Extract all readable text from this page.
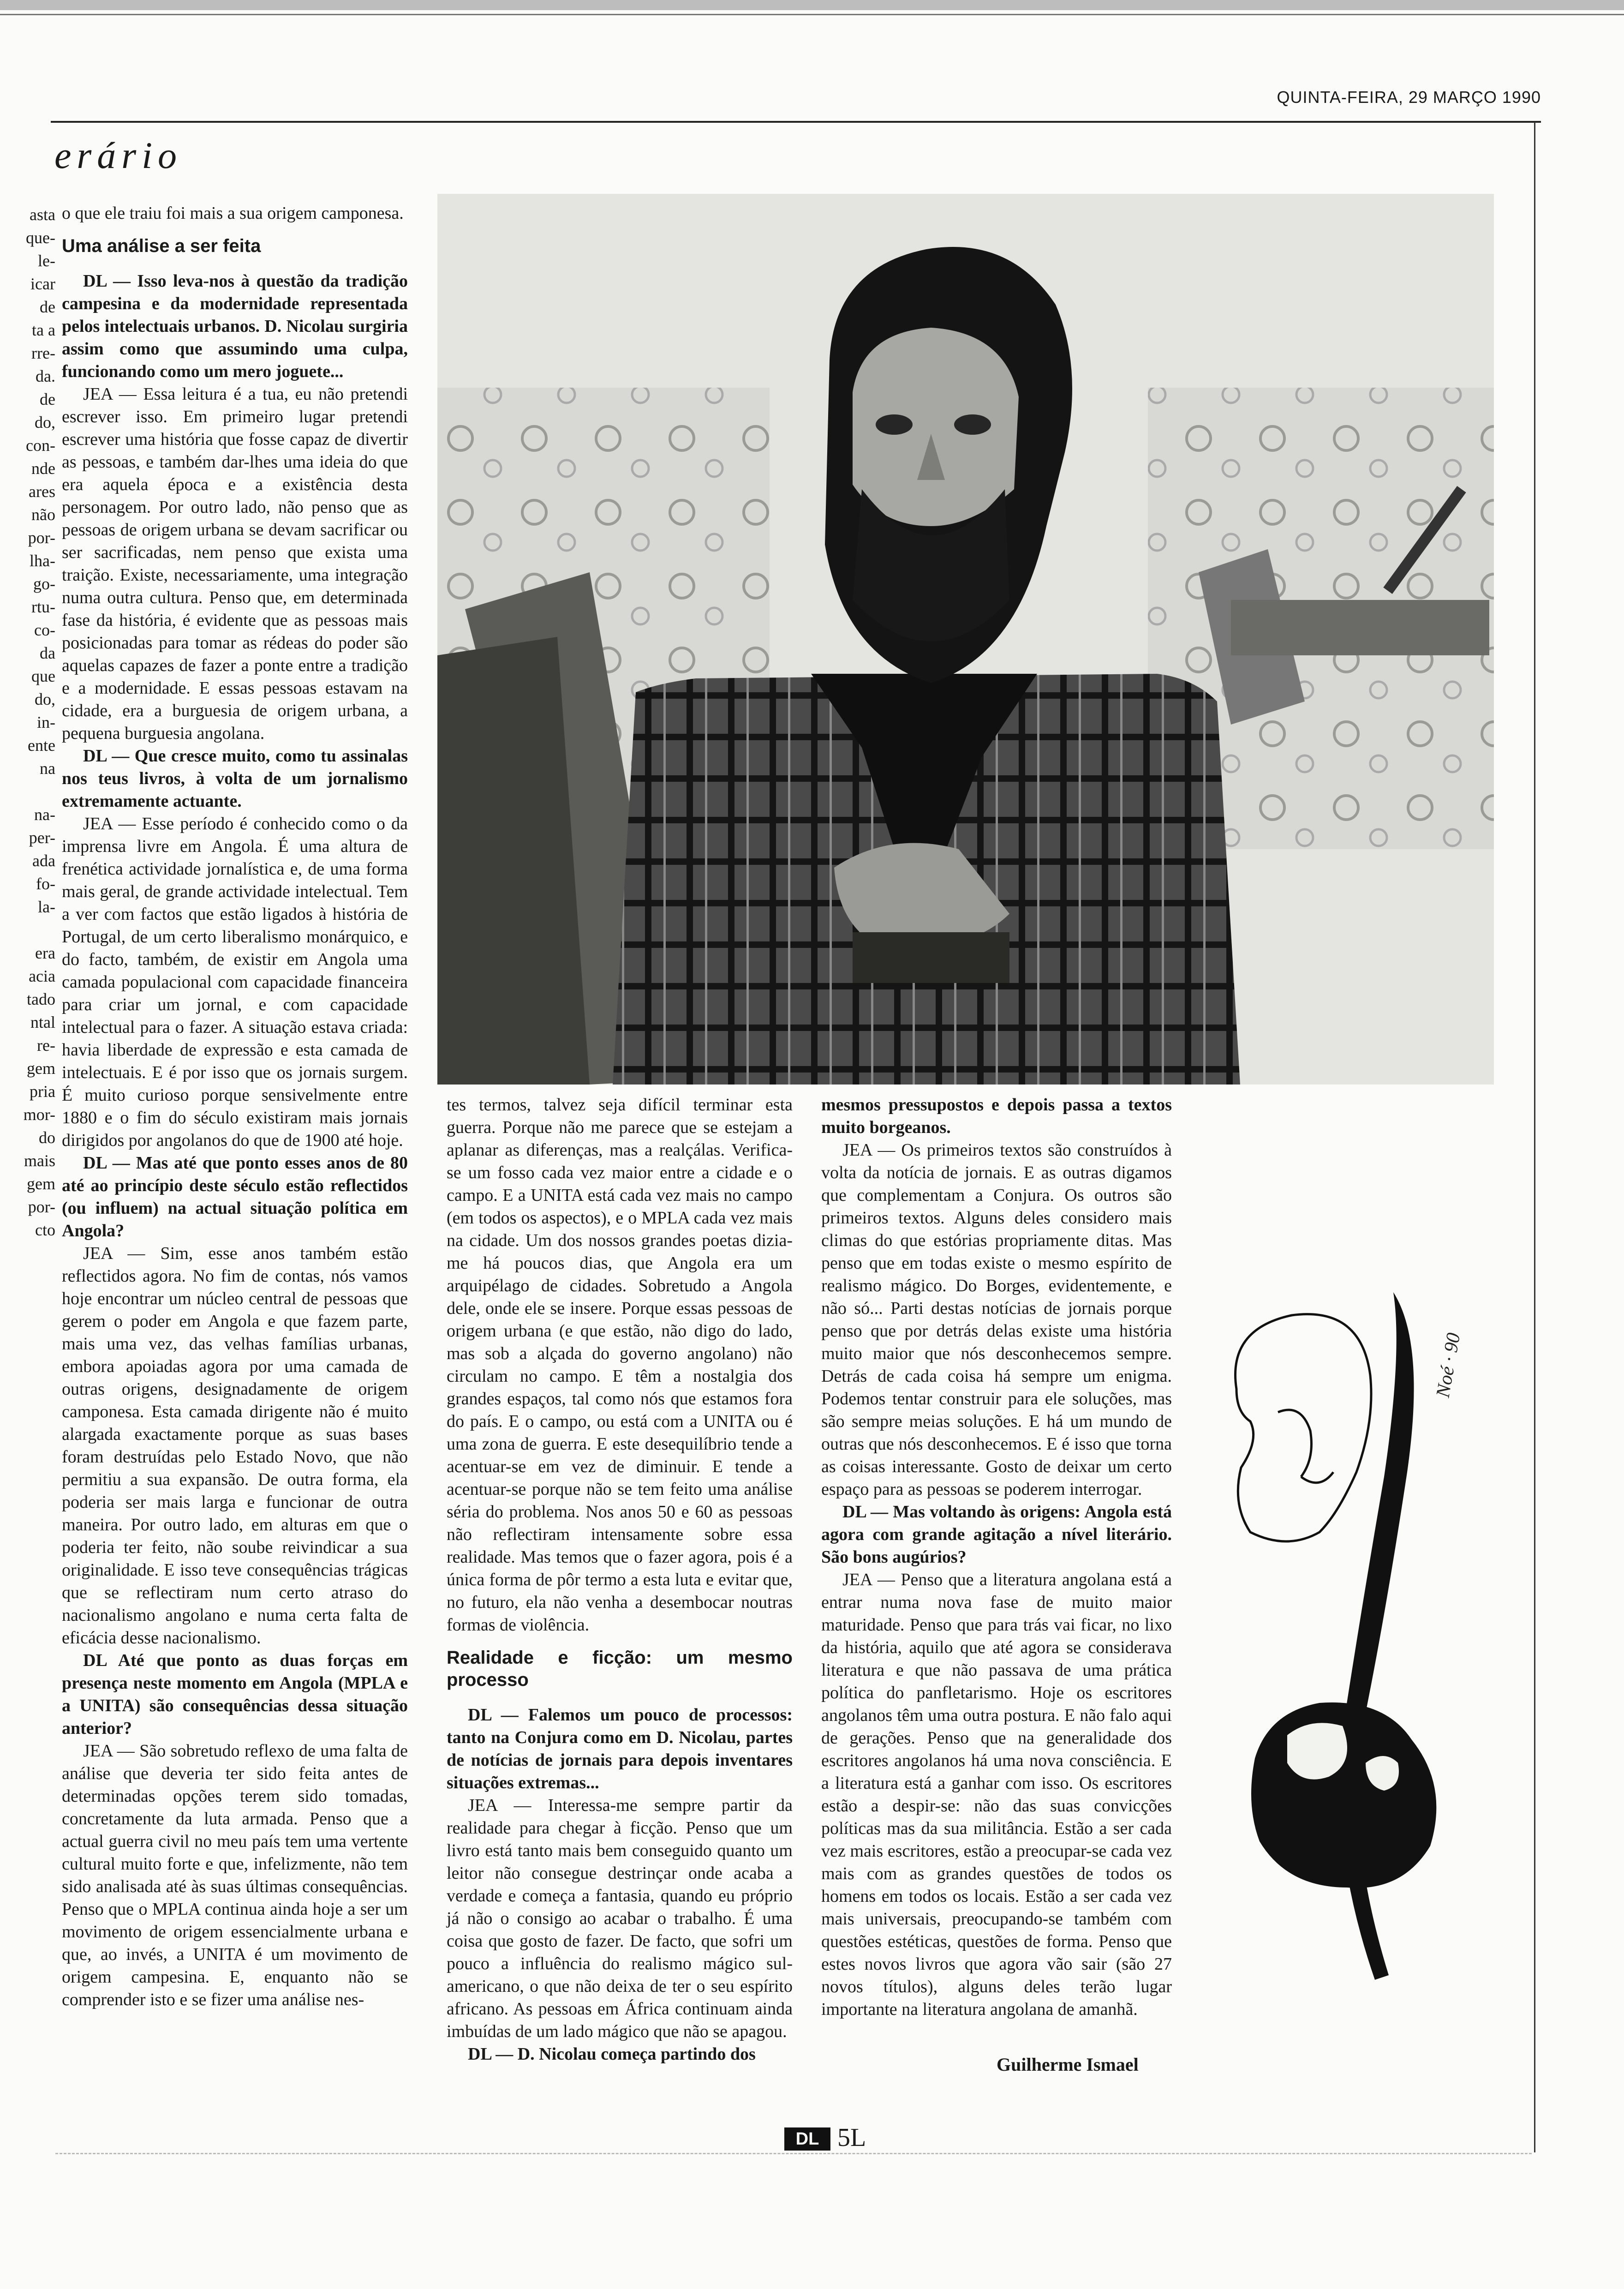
QUINTA-FEIRA, 29 MARÇO 1990
erário
asta
que-
le-
icar
de
ta a
rre-
da.
de
do,
con-
nde
ares
não
por-
lha-
go-
rtu-
co-
da
que
do,
in-
ente
na

na-
per-
ada
fo-
la-

era
acia
tado
ntal
re-
gem
pria
mor-
do
mais
gem
por-
cto

o que ele traiu foi mais a sua origem camponesa.

Uma análise a ser feita

DL — Isso leva-nos à questão da tradição campesina e da modernidade representada pelos intelectuais urbanos. D. Nicolau surgiria assim como que assumindo uma culpa, funcionando como um mero joguete...

JEA — Essa leitura é a tua, eu não pretendi escrever isso. Em primeiro lugar pretendi escrever uma história que fosse capaz de divertir as pessoas, e também dar-lhes uma ideia do que era aquela época e a existência desta personagem. Por outro lado, não penso que as pessoas de origem urbana se devam sacrificar ou ser sacrificadas, nem penso que exista uma traição. Existe, necessariamente, uma integração numa outra cultura. Penso que, em determinada fase da história, é evidente que as pessoas mais posicionadas para tomar as rédeas do poder são aquelas capazes de fazer a ponte entre a tradição e a modernidade. E essas pessoas estavam na cidade, era a burguesia de origem urbana, a pequena burguesia angolana.

DL — Que cresce muito, como tu assinalas nos teus livros, à volta de um jornalismo extremamente actuante.

JEA — Esse período é conhecido como o da imprensa livre em Angola. É uma altura de frenética actividade jornalística e, de uma forma mais geral, de grande actividade intelectual. Tem a ver com factos que estão ligados à história de Portugal, de um certo liberalismo monárquico, e do facto, também, de existir em Angola uma camada populacional com capacidade financeira para criar um jornal, e com capacidade intelectual para o fazer. A situação estava criada: havia liberdade de expressão e esta camada de intelectuais. E é por isso que os jornais surgem. É muito curioso porque sensivelmente entre 1880 e o fim do século existiram mais jornais dirigidos por angolanos do que de 1900 até hoje.

DL — Mas até que ponto esses anos de 80 até ao princípio deste século estão reflectidos (ou influem) na actual situação política em Angola?

JEA — Sim, esse anos também estão reflectidos agora. No fim de contas, nós vamos hoje encontrar um núcleo central de pessoas que gerem o poder em Angola e que fazem parte, mais uma vez, das velhas famílias urbanas, embora apoiadas agora por uma camada de outras origens, designadamente de origem camponesa. Esta camada dirigente não é muito alargada exactamente porque as suas bases foram destruídas pelo Estado Novo, que não permitiu a sua expansão. De outra forma, ela poderia ser mais larga e funcionar de outra maneira. Por outro lado, em alturas em que o poderia ter feito, não soube reivindicar a sua originalidade. E isso teve consequências trágicas que se reflectiram num certo atraso do nacionalismo angolano e numa certa falta de eficácia desse nacionalismo.

DL Até que ponto as duas forças em presença neste momento em Angola (MPLA e a UNITA) são consequências dessa situação anterior?

JEA — São sobretudo reflexo de uma falta de análise que deveria ter sido feita antes de determinadas opções terem sido tomadas, concretamente da luta armada. Penso que a actual guerra civil no meu país tem uma vertente cultural muito forte e que, infelizmente, não tem sido analisada até às suas últimas consequências. Penso que o MPLA continua ainda hoje a ser um movimento de origem essencialmente urbana e que, ao invés, a UNITA é um movimento de origem campesina. E, enquanto não se comprender isto e se fizer uma análise nes-

tes termos, talvez seja difícil terminar esta guerra. Porque não me parece que se estejam a aplanar as diferenças, mas a realçálas. Verifica-se um fosso cada vez maior entre a cidade e o campo. E a UNITA está cada vez mais no campo (em todos os aspectos), e o MPLA cada vez mais na cidade. Um dos nossos grandes poetas dizia-me há poucos dias, que Angola era um arquipélago de cidades. Sobretudo a Angola dele, onde ele se insere. Porque essas pessoas de origem urbana (e que estão, não digo do lado, mas sob a alçada do governo angolano) não circulam no campo. E têm a nostalgia dos grandes espaços, tal como nós que estamos fora do país. E o campo, ou está com a UNITA ou é uma zona de guerra. E este desequilíbrio tende a acentuar-se em vez de diminuir. E tende a acentuar-se porque não se tem feito uma análise séria do problema. Nos anos 50 e 60 as pessoas não reflectiram intensamente sobre essa realidade. Mas temos que o fazer agora, pois é a única forma de pôr termo a esta luta e evitar que, no futuro, ela não venha a desembocar noutras formas de violência.

Realidade e ficção: um mesmo processo

DL — Falemos um pouco de processos: tanto na Conjura como em D. Nicolau, partes de notícias de jornais para depois inventares situações extremas...

JEA — Interessa-me sempre partir da realidade para chegar à ficção. Penso que um livro está tanto mais bem conseguido quanto um leitor não consegue destrinçar onde acaba a verdade e começa a fantasia, quando eu próprio já não o consigo ao acabar o trabalho. É uma coisa que gosto de fazer. De facto, que sofri um pouco a influência do realismo mágico sul-americano, o que não deixa de ter o seu espírito africano. As pessoas em África continuam ainda imbuídas de um lado mágico que não se apagou.

DL — D. Nicolau começa partindo dos

mesmos pressupostos e depois passa a textos muito borgeanos.

JEA — Os primeiros textos são construídos à volta da notícia de jornais. E as outras digamos que complementam a Conjura. Os outros são primeiros textos. Alguns deles considero mais climas do que estórias propriamente ditas. Mas penso que em todas existe o mesmo espírito de realismo mágico. Do Borges, evidentemente, e não só... Parti destas notícias de jornais porque penso que por detrás delas existe uma história muito maior que nós desconhecemos sempre. Detrás de cada coisa há sempre um enigma. Podemos tentar construir para ele soluções, mas são sempre meias soluções. E há um mundo de outras que nós desconhecemos. E é isso que torna as coisas interessante. Gosto de deixar um certo espaço para as pessoas se poderem interrogar.

DL — Mas voltando às origens: Angola está agora com grande agitação a nível literário. São bons augúrios?

JEA — Penso que a literatura angolana está a entrar numa nova fase de muito maior maturidade. Penso que para trás vai ficar, no lixo da história, aquilo que até agora se considerava literatura e que não passava de uma prática política do panfletarismo. Hoje os escritores angolanos têm uma outra postura. E não falo aqui de gerações. Penso que na generalidade dos escritores angolanos há uma nova consciência. E a literatura está a ganhar com isso. Os escritores estão a despir-se: não das suas convicções políticas mas da sua militância. Estão a ser cada vez mais escritores, estão a preocupar-se cada vez mais com as grandes questões de todos os homens em todos os locais. Estão a ser cada vez mais universais, preocupando-se também com questões estéticas, questões de forma. Penso que estes novos livros que agora vão sair (são 27 novos títulos), alguns deles terão lugar importante na literatura angolana de amanhã.

Noé · 90
Guilherme Ismael
DL 5L
